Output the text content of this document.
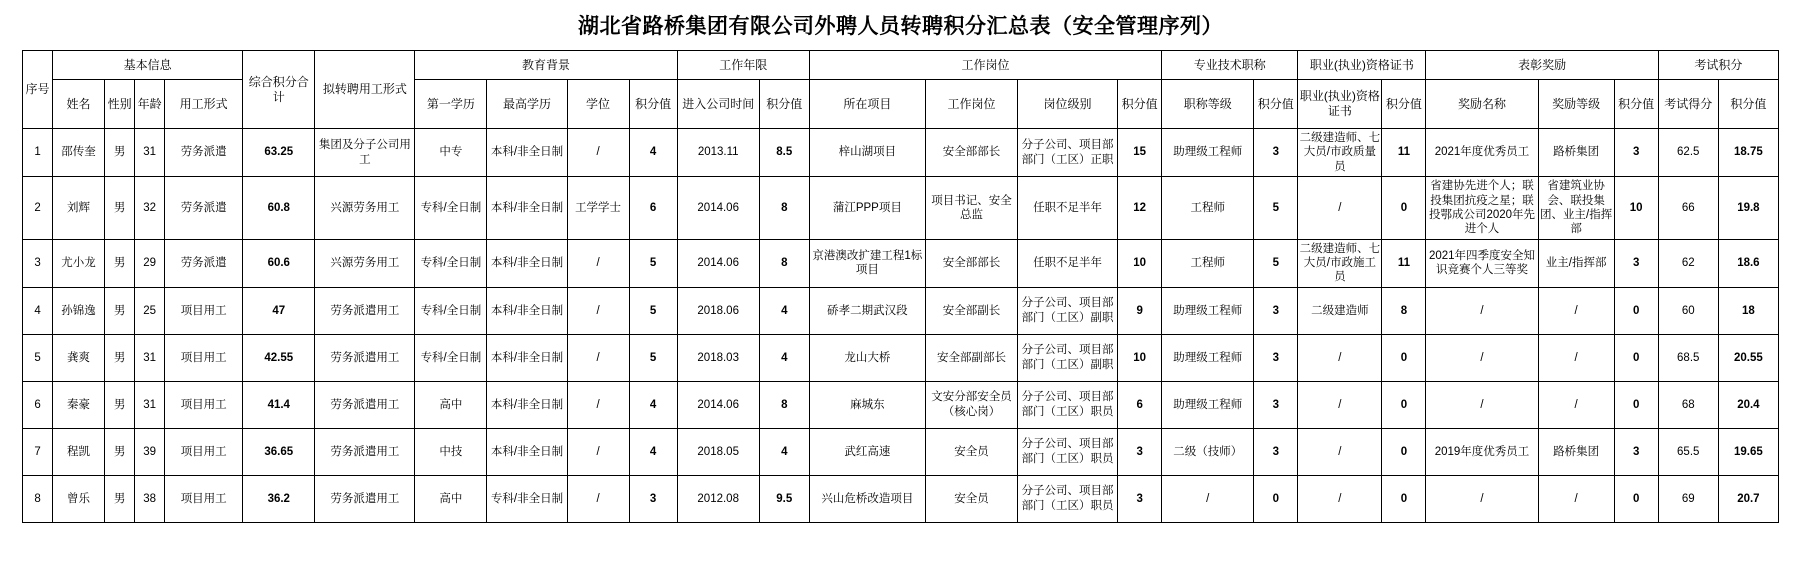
湖北省路桥集团有限公司外聘人员转聘积分汇总表（安全管理序列）
序号	基本信息				综合积分合计	拟转聘用工形式	教育背景				工作年限		工作岗位				专业技术职称		职业(执业)资格证书		表彰奖励			考试积分	
	姓名	性别	年龄	用工形式			第一学历	最高学历	学位	积分值	进入公司时间	积分值	所在项目	工作岗位	岗位级别	积分值	职称等级	积分值	职业(执业)资格证书	积分值	奖励名称	奖励等级	积分值	考试得分	积分值
1	邵传奎	男	31	劳务派遣	63.25	集团及分子公司用工	中专	本科/非全日制	/	4	2013.11	8.5	梓山湖项目	安全部部长	分子公司、项目部部门（工区）正职	15	助理级工程师	3	二级建造师、七大员/市政质量员	11	2021年度优秀员工	路桥集团	3	62.5	18.75
2	刘辉	男	32	劳务派遣	60.8	兴源劳务用工	专科/全日制	本科/非全日制	工学学士	6	2014.06	8	蒲江PPP项目	项目书记、安全总监	任职不足半年	12	工程师	5	/	0	省建协先进个人；联投集团抗疫之星；联投鄂成公司2020年先进个人	省建筑业协会、联投集团、业主/指挥部	10	66	19.8
3	尤小龙	男	29	劳务派遣	60.6	兴源劳务用工	专科/全日制	本科/非全日制	/	5	2014.06	8	京港澳改扩建工程1标项目	安全部部长	任职不足半年	10	工程师	5	二级建造师、七大员/市政施工员	11	2021年四季度安全知识竞赛个人三等奖	业主/指挥部	3	62	18.6
4	孙锦逸	男	25	项目用工	47	劳务派遣用工	专科/全日制	本科/非全日制	/	5	2018.06	4	硚孝二期武汉段	安全部副长	分子公司、项目部部门（工区）副职	9	助理级工程师	3	二级建造师	8	/	/	0	60	18
5	龚爽	男	31	项目用工	42.55	劳务派遣用工	专科/全日制	本科/非全日制	/	5	2018.03	4	龙山大桥	安全部副部长	分子公司、项目部部门（工区）副职	10	助理级工程师	3	/	0	/	/	0	68.5	20.55
6	秦豪	男	31	项目用工	41.4	劳务派遣用工	高中	本科/非全日制	/	4	2014.06	8	麻城东	文安分部安全员（核心岗）	分子公司、项目部部门（工区）职员	6	助理级工程师	3	/	0	/	/	0	68	20.4
7	程凯	男	39	项目用工	36.65	劳务派遣用工	中技	本科/非全日制	/	4	2018.05	4	武红高速	安全员	分子公司、项目部部门（工区）职员	3	二级（技师）	3	/	0	2019年度优秀员工	路桥集团	3	65.5	19.65
8	曾乐	男	38	项目用工	36.2	劳务派遣用工	高中	专科/非全日制	/	3	2012.08	9.5	兴山危桥改造项目	安全员	分子公司、项目部部门（工区）职员	3	/	0	/	0	/	/	0	69	20.7
